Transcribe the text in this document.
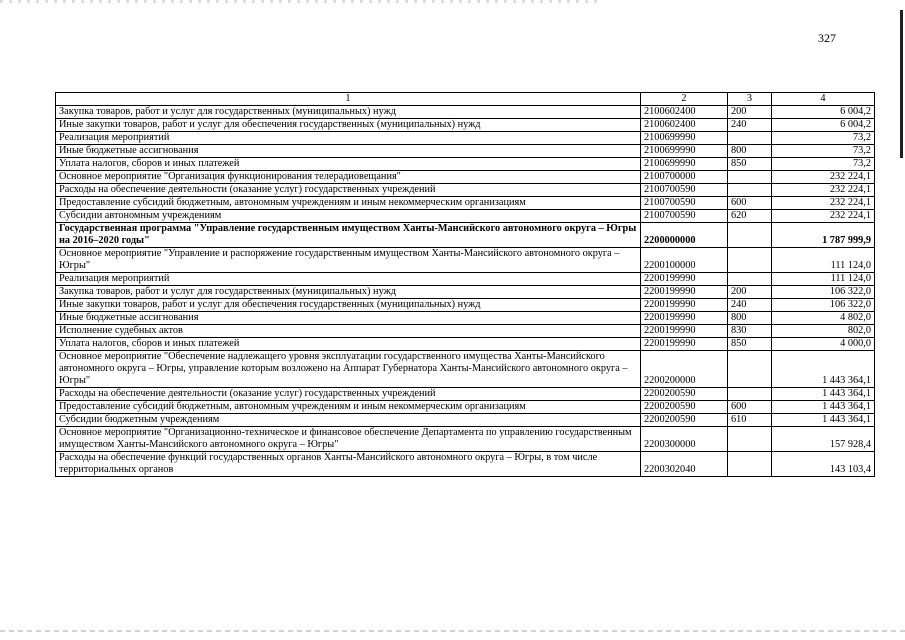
327
1	2	3	4
Закупка товаров, работ и услуг для государственных (муниципальных) нужд	2100602400	200	6 004,2
Иные закупки товаров, работ и услуг для обеспечения государственных (муниципальных) нужд	2100602400	240	6 004,2
Реализация мероприятий	2100699990		73,2
Иные бюджетные ассигнования	2100699990	800	73,2
Уплата налогов, сборов и иных платежей	2100699990	850	73,2
Основное мероприятие "Организация функционирования телерадиовещания"	2100700000		232 224,1
Расходы на обеспечение деятельности (оказание услуг) государственных учреждений	2100700590		232 224,1
Предоставление субсидий бюджетным, автономным учреждениям и иным некоммерческим организациям	2100700590	600	232 224,1
Субсидии автономным учреждениям	2100700590	620	232 224,1
Государственная программа "Управление государственным имуществом Ханты-Мансийского автономного округа – Югры на 2016–2020 годы"	2200000000		1 787 999,9
Основное мероприятие "Управление и распоряжение государственным имуществом Ханты-Мансийского автономного округа – Югры"	2200100000		111 124,0
Реализация мероприятий	2200199990		111 124,0
Закупка товаров, работ и услуг для государственных (муниципальных) нужд	2200199990	200	106 322,0
Иные закупки товаров, работ и услуг для обеспечения государственных (муниципальных) нужд	2200199990	240	106 322,0
Иные бюджетные ассигнования	2200199990	800	4 802,0
Исполнение судебных актов	2200199990	830	802,0
Уплата налогов, сборов и иных платежей	2200199990	850	4 000,0
Основное мероприятие "Обеспечение надлежащего уровня эксплуатации государственного имущества Ханты-Мансийского автономного округа – Югры, управление которым возложено на Аппарат Губернатора Ханты-Мансийского автономного округа – Югры"	2200200000		1 443 364,1
Расходы на обеспечение деятельности (оказание услуг) государственных учреждений	2200200590		1 443 364,1
Предоставление субсидий бюджетным, автономным учреждениям и иным некоммерческим организациям	2200200590	600	1 443 364,1
Субсидии бюджетным учреждениям	2200200590	610	1 443 364,1
Основное мероприятие "Организационно-техническое и финансовое обеспечение Департамента по управлению государственным имуществом Ханты-Мансийского автономного округа – Югры"	2200300000		157 928,4
Расходы на обеспечение функций государственных органов Ханты-Мансийского автономного округа – Югры, в том числе территориальных органов	2200302040		143 103,4
